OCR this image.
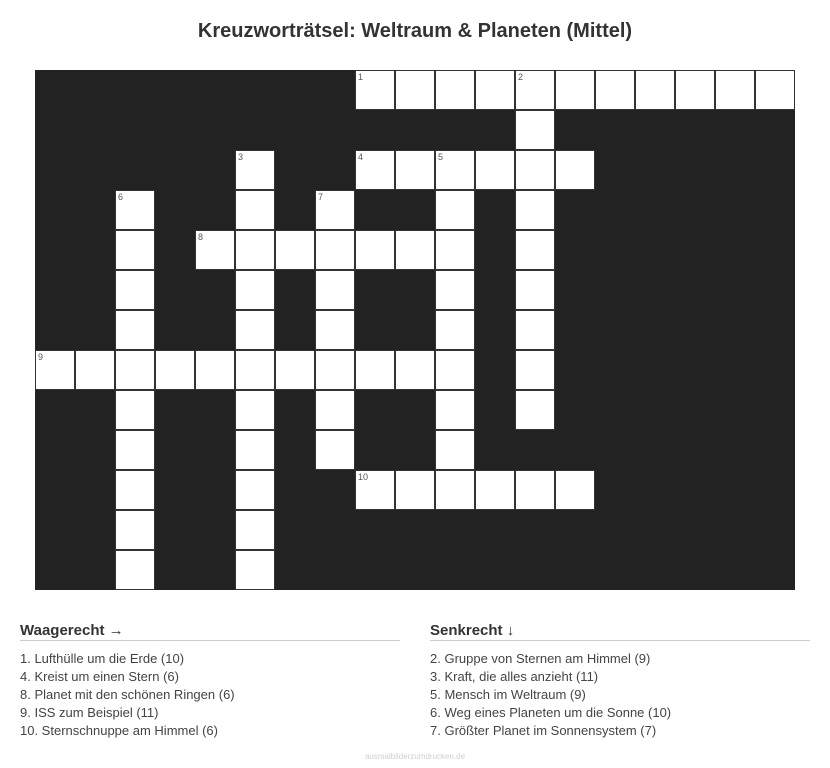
Kreuzworträtsel: Weltraum & Planeten (Mittel)
1	2
3	4	5
6	7
8
9
10
Waagerecht →
1. Lufthülle um die Erde (10)
4. Kreist um einen Stern (6)
8. Planet mit den schönen Ringen (6)
9. ISS zum Beispiel (11)
10. Sternschnuppe am Himmel (6)
Senkrecht ↓
2. Gruppe von Sternen am Himmel (9)
3. Kraft, die alles anzieht (11)
5. Mensch im Weltraum (9)
6. Weg eines Planeten um die Sonne (10)
7. Größter Planet im Sonnensystem (7)
ausmalbilderzumdrucken.de
